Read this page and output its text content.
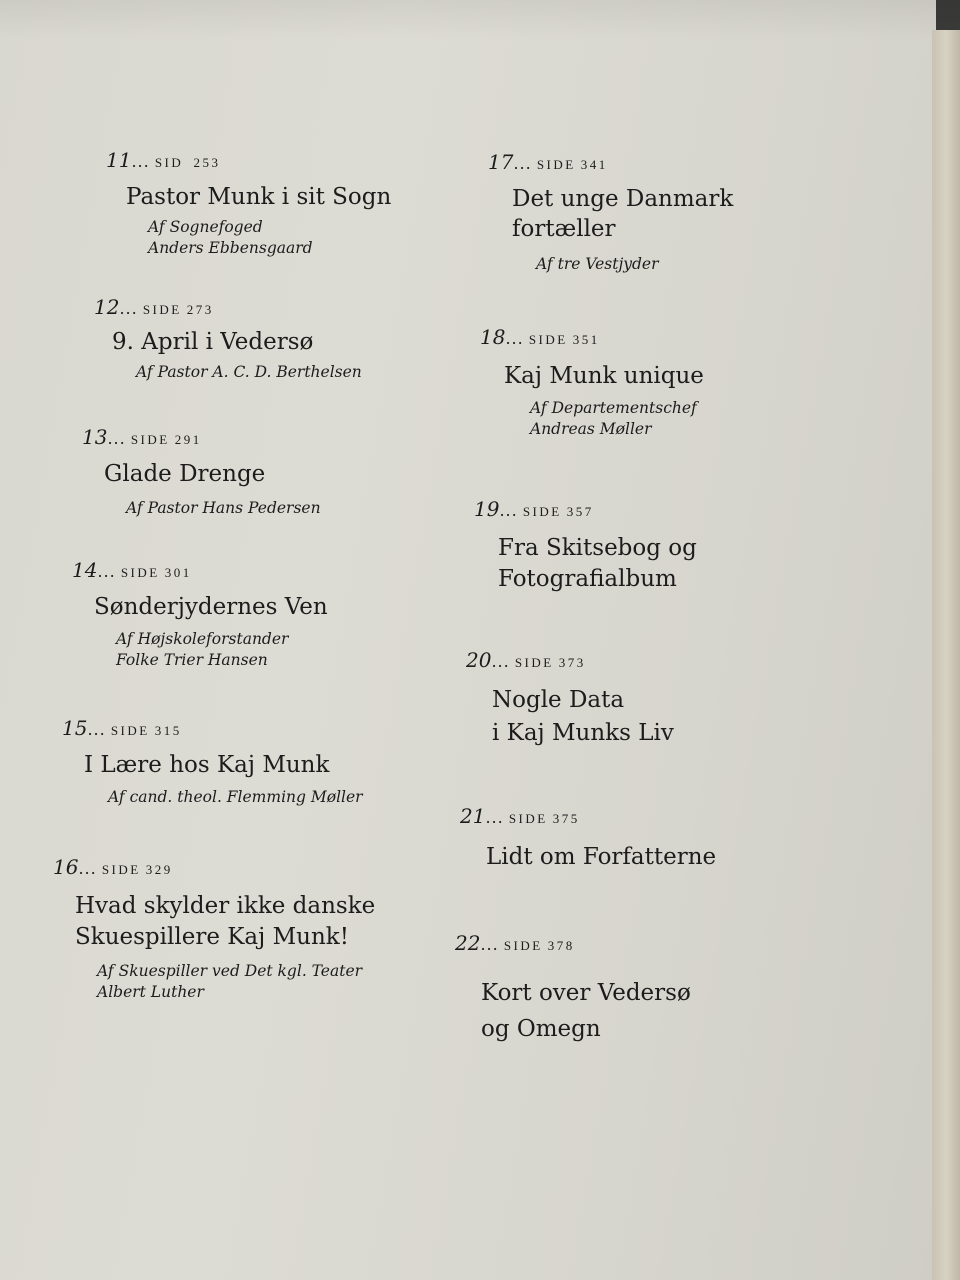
11... SID 253
Pastor Munk i sit Sogn
Af Sognefoged
Anders Ebbensgaard
12... SIDE 273
9. April i Vedersø
Af Pastor A. C. D. Berthelsen
13... SIDE 291
Glade Drenge
Af Pastor Hans Pedersen
14... SIDE 301
Sønderjydernes Ven
Af Højskoleforstander
Folke Trier Hansen
15... SIDE 315
I Lære hos Kaj Munk
Af cand. theol. Flemming Møller
16... SIDE 329
Hvad skylder ikke danske
Skuespillere Kaj Munk!
Af Skuespiller ved Det kgl. Teater
Albert Luther
17... SIDE 341
Det unge Danmark
fortæller
Af tre Vestjyder
18... SIDE 351
Kaj Munk unique
Af Departementschef
Andreas Møller
19... SIDE 357
Fra Skitsebog og
Fotografialbum
20... SIDE 373
Nogle Data
i Kaj Munks Liv
21... SIDE 375
Lidt om Forfatterne
22... SIDE 378
Kort over Vedersø
og Omegn
